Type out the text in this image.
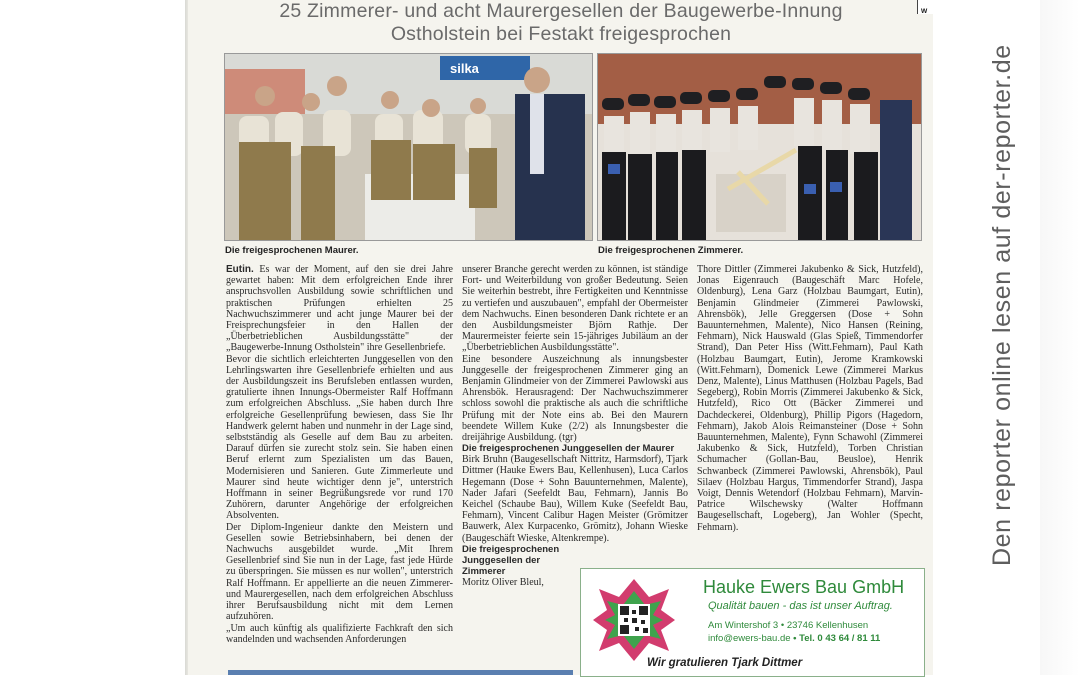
w
25 Zimmerer- und acht Maurergesellen der Baugewerbe-Innung
Ostholstein bei Festakt freigesprochen
silka
Die freigesprochenen Maurer.	Die freigesprochenen Zimmerer.

Eutin. Es war der Moment, auf den sie drei Jahre gewartet haben: Mit dem erfolgreichen Ende ihrer anspruchsvollen Ausbildung sowie schriftlichen und praktischen Prüfungen erhielten 25 Nachwuchszimmerer und acht junge Maurer bei der Freisprechungsfeier in den Hallen der „Überbetrieblichen Ausbildungsstätte" der „Baugewerbe-Innung Ostholstein" ihre Gesellenbriefe.

Bevor die sichtlich erleichterten Junggesellen von den Lehrlingswarten ihre Gesellenbriefe erhielten und aus der Ausbildungszeit ins Berufsleben entlassen wurden, gratulierte ihnen Innungs-Obermeister Ralf Hoffmann zum erfolgreichen Abschluss. „Sie haben durch Ihre erfolgreiche Gesellenprüfung bewiesen, dass Sie Ihr Handwerk gelernt haben und nunmehr in der Lage sind, selbstständig als Geselle auf dem Bau zu arbeiten. Darauf dürfen sie zurecht stolz sein. Sie haben einen Beruf erlernt zum Spezialisten um das Bauen, Modernisieren und Sanieren. Gute Zimmerleute und Maurer sind heute wichtiger denn je", unterstrich Hoffmann in seiner Begrüßungsrede vor rund 170 Zuhörern, darunter Angehörige der erfolgreichen Absolventen.

Der Diplom-Ingenieur dankte den Meistern und Gesellen sowie Betriebsinhabern, bei denen der Nachwuchs ausgebildet wurde. „Mit Ihrem Gesellenbrief sind Sie nun in der Lage, fast jede Hürde zu überspringen. Sie müssen es nur wollen", unterstrich Ralf Hoffmann. Er appellierte an die neuen Zimmerer- und Maurergesellen, nach dem erfolgreichen Abschluss ihrer Berufsausbildung nicht mit dem Lernen aufzuhören.

„Um auch künftig als qualifizierte Fachkraft den sich wandelnden und wachsenden Anforderungen

unserer Branche gerecht werden zu können, ist ständige Fort- und Weiterbildung von großer Bedeutung. Seien Sie weiterhin bestrebt, ihre Fertigkeiten und Kenntnisse zu vertiefen und auszubauen", empfahl der Obermeister dem Nachwuchs. Einen besonderen Dank richtete er an den Ausbildungsmeister Björn Rathje. Der Maurermeister feierte sein 15-jähriges Jubiläum an der „Überbetrieblichen Ausbildungsstätte".

Eine besondere Auszeichnung als innungsbester Junggeselle der freigesprochenen Zimmerer ging an Benjamin Glindmeier von der Zimmerei Pawlowski aus Ahrensbök. Herausragend: Der Nachwuchszimmerer schloss sowohl die praktische als auch die schriftliche Prüfung mit der Note eins ab. Bei den Maurern beendete Willem Kuke (2/2) als Innungsbester die dreijährige Ausbildung. (tgr)

Die freigesprochenen Junggesellen der Maurer

Birk Bruhn (Baugesellschaft Nittritz, Harmsdorf), Tjark Dittmer (Hauke Ewers Bau, Kellenhusen), Luca Carlos Hegemann (Dose + Sohn Bauunternehmen, Malente), Nader Jafari (Seefeldt Bau, Fehmarn), Jannis Bo Keichel (Schaube Bau), Willem Kuke (Seefeldt Bau, Fehmarn), Vincent Calibur Hagen Meister (Grömitzer Bauwerk, Alex Kurpacenko, Grömitz), Johann Wieske (Baugeschäft Wieske, Altenkrempe).

Die freigesprochenen Junggesellen der Zimmerer

Moritz Oliver Bleul,

Thore Dittler (Zimmerei Jakubenko & Sick, Hutzfeld), Jonas Eigenrauch (Baugeschäft Marc Hofele, Oldenburg), Lena Garz (Holzbau Baumgart, Eutin), Benjamin Glindmeier (Zimmerei Pawlowski, Ahrensbök), Jelle Greggersen (Dose + Sohn Bauunternehmen, Malente), Nico Hansen (Reining, Fehmarn), Nick Hauswald (Glas Spieß, Timmendorfer Strand), Dan Peter Hiss (Witt.Fehmarn), Paul Kath (Holzbau Baumgart, Eutin), Jerome Kramkowski (Witt.Fehmarn), Domenick Lewe (Zimmerei Markus Denz, Malente), Linus Matthusen (Holzbau Pagels, Bad Segeberg), Robin Morris (Zimmerei Jakubenko & Sick, Hutzfeld), Rico Ott (Bäcker Zimmerei und Dachdeckerei, Oldenburg), Phillip Pigors (Hagedorn, Fehmarn), Jakob Alois Reimansteiner (Dose + Sohn Bauunternehmen, Malente), Fynn Schawohl (Zimmerei Jakubenko & Sick, Hutzfeld), Torben Christian Schumacher (Gollan-Bau, Beusloe), Henrik Schwanbeck (Zimmerei Pawlowski, Ahrensbök), Paul Silaev (Holzbau Hargus, Timmendorfer Strand), Jaspa Voigt, Dennis Wetendorf (Holzbau Fehmarn), Marvin-Patrice Wilschewsky (Walter Hoffmann Baugesellschaft, Logeberg), Jan Wohler (Specht, Fehmarn).

Hauke Ewers Bau GmbH
Qualität bauen - das ist unser Auftrag.
Am Wintershof 3 • 23746 Kellenhusen
info@ewers-bau.de • Tel. 0 43 64 / 81 11
Wir gratulieren Tjark Dittmer
Den reporter online lesen auf der-reporter.de
